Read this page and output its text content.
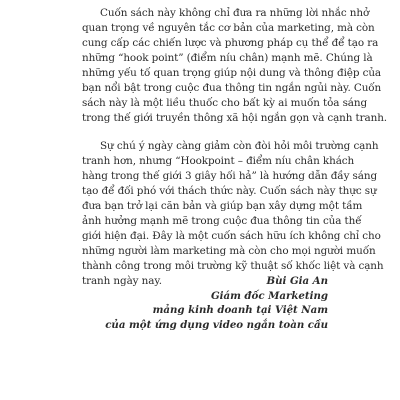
Cuốn sách này không chỉ đưa ra những lời nhắc nhở
quan trọng về nguyên tắc cơ bản của marketing, mà còn
cung cấp các chiến lược và phương pháp cụ thể để tạo ra
những “hook point” (điểm níu chân) mạnh mẽ. Chúng là
những yếu tố quan trọng giúp nội dung và thông điệp của
bạn nổi bật trong cuộc đua thông tin ngắn ngủi này. Cuốn
sách này là một liều thuốc cho bất kỳ ai muốn tỏa sáng
trong thế giới truyền thông xã hội ngắn gọn và cạnh tranh.

Sự chú ý ngày càng giảm còn đòi hỏi môi trường cạnh
tranh hơn, nhưng “Hookpoint – điểm níu chân khách
hàng trong thế giới 3 giây hối hả” là hướng dẫn đầy sáng
tạo để đối phó với thách thức này. Cuốn sách này thực sự
đưa bạn trở lại căn bản và giúp bạn xây dựng một tầm
ảnh hưởng mạnh mẽ trong cuộc đua thông tin của thế
giới hiện đại. Đây là một cuốn sách hữu ích không chỉ cho
những người làm marketing mà còn cho mọi người muốn
thành công trong môi trường kỹ thuật số khốc liệt và cạnh
tranh ngày nay.	Bùi Gia An
Giám đốc Marketing
mảng kinh doanh tại Việt Nam
của một ứng dụng video ngắn toàn cầu
